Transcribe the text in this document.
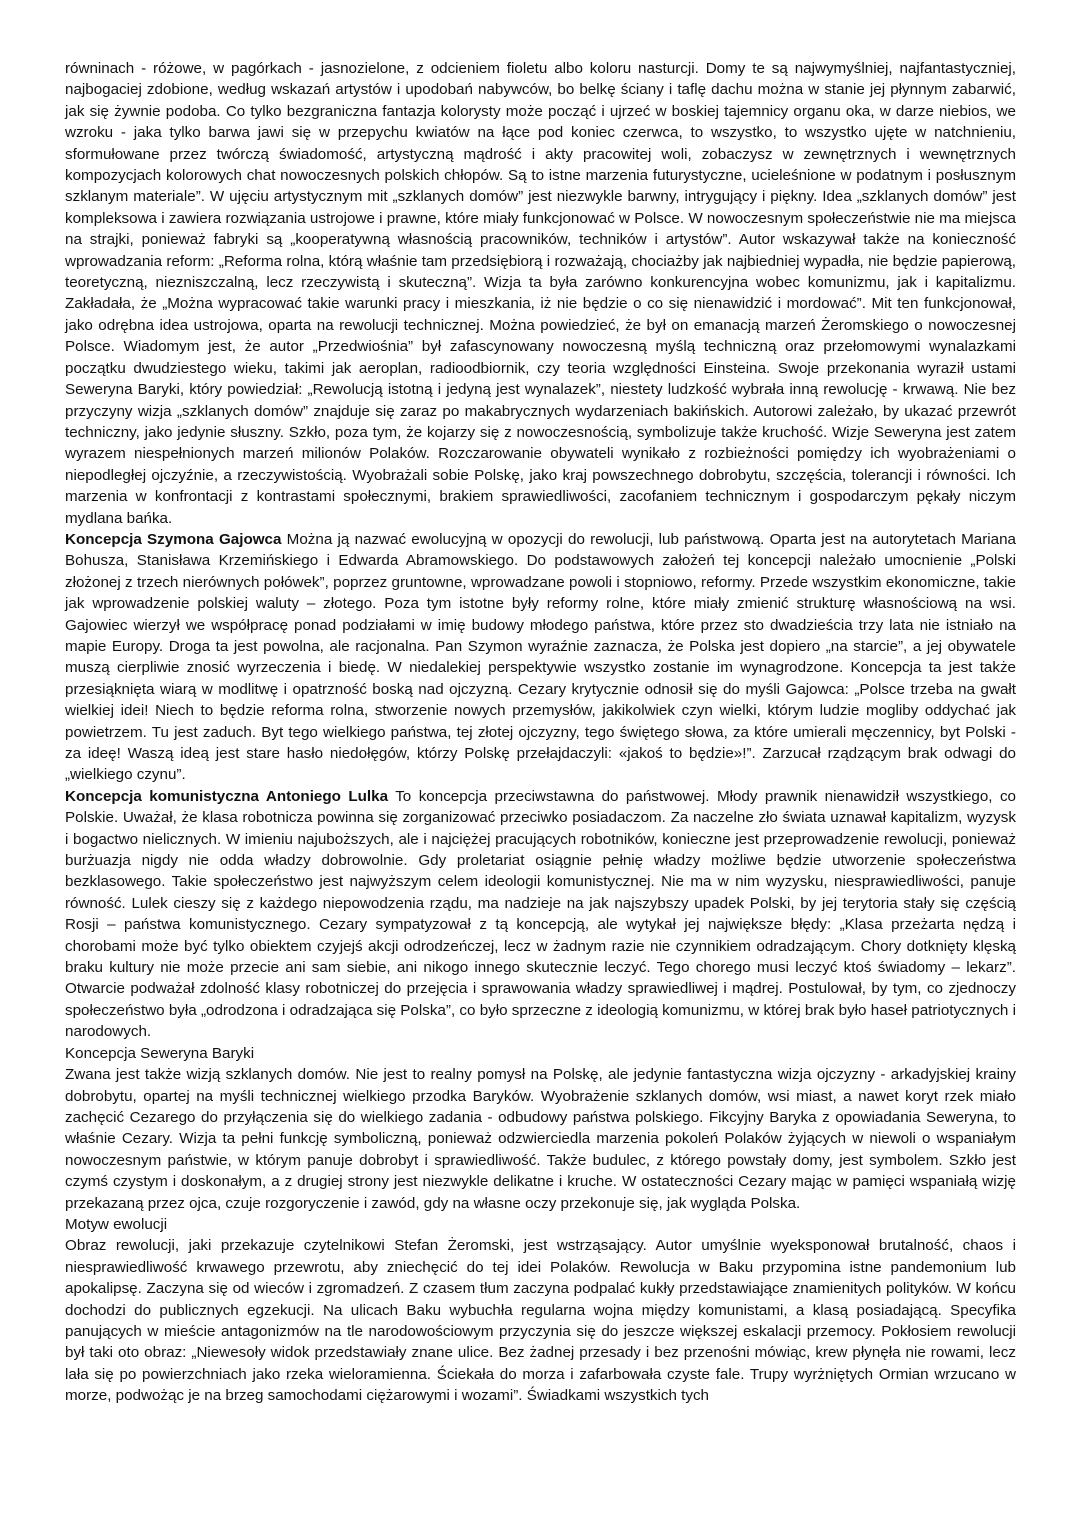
równinach - różowe, w pagórkach - jasnozielone, z odcieniem fioletu albo koloru nasturcji. Domy te są najwymyślniej, najfantastyczniej, najbogaciej zdobione, według wskazań artystów i upodobań nabywców, bo belkę ściany i taflę dachu można w stanie jej płynnym zabarwić, jak się żywnie podoba. Co tylko bezgraniczna fantazja kolorysty może począć i ujrzeć w boskiej tajemnicy organu oka, w darze niebios, we wzroku - jaka tylko barwa jawi się w przepychu kwiatów na łące pod koniec czerwca, to wszystko, to wszystko ujęte w natchnieniu, sformułowane przez twórczą świadomość, artystyczną mądrość i akty pracowitej woli, zobaczysz w zewnętrznych i wewnętrznych kompozycjach kolorowych chat nowoczesnych polskich chłopów. Są to istne marzenia futurystyczne, ucieleśnione w podatnym i posłusznym szklanym materiale”. W ujęciu artystycznym mit „szklanych domów” jest niezwykle barwny, intrygujący i piękny. Idea „szklanych domów” jest kompleksowa i zawiera rozwiązania ustrojowe i prawne, które miały funkcjonować w Polsce. W nowoczesnym społeczeństwie nie ma miejsca na strajki, ponieważ fabryki są „kooperatywną własnością pracowników, techników i artystów”. Autor wskazywał także na konieczność wprowadzania reform: „Reforma rolna, którą właśnie tam przedsiębiorą i rozważają, chociażby jak najbiedniej wypadła, nie będzie papierową, teoretyczną, niezniszczalną, lecz rzeczywistą i skuteczną”. Wizja ta była zarówno konkurencyjna wobec komunizmu, jak i kapitalizmu. Zakładała, że „Można wypracować takie warunki pracy i mieszkania, iż nie będzie o co się nienawidzić i mordować”. Mit ten funkcjonował, jako odrębna idea ustrojowa, oparta na rewolucji technicznej. Można powiedzieć, że był on emanacją marzeń Żeromskiego o nowoczesnej Polsce. Wiadomym jest, że autor „Przedwiośnia” był zafascynowany nowoczesną myślą techniczną oraz przełomowymi wynalazkami początku dwudziestego wieku, takimi jak aeroplan, radioodbiornik, czy teoria względności Einsteina. Swoje przekonania wyraził ustami Seweryna Baryki, który powiedział: „Rewolucją istotną i jedyną jest wynalazek”, niestety ludzkość wybrała inną rewolucję - krwawą. Nie bez przyczyny wizja „szklanych domów” znajduje się zaraz po makabrycznych wydarzeniach bakińskich. Autorowi zależało, by ukazać przewrót techniczny, jako jedynie słuszny. Szkło, poza tym, że kojarzy się z nowoczesnością, symbolizuje także kruchość. Wizje Seweryna jest zatem wyrazem niespełnionych marzeń milionów Polaków. Rozczarowanie obywateli wynikało z rozbieżności pomiędzy ich wyobrażeniami o niepodległej ojczyźnie, a rzeczywistością. Wyobrażali sobie Polskę, jako kraj powszechnego dobrobytu, szczęścia, tolerancji i równości. Ich marzenia w konfrontacji z kontrastami społecznymi, brakiem sprawiedliwości, zacofaniem technicznym i gospodarczym pękały niczym mydlana bańka.

Koncepcja Szymona Gajowca Można ją nazwać ewolucyjną w opozycji do rewolucji, lub państwową. Oparta jest na autorytetach Mariana Bohusza, Stanisława Krzemińskiego i Edwarda Abramowskiego. Do podstawowych założeń tej koncepcji należało umocnienie „Polski złożonej z trzech nierównych połówek”, poprzez gruntowne, wprowadzane powoli i stopniowo, reformy. Przede wszystkim ekonomiczne, takie jak wprowadzenie polskiej waluty – złotego. Poza tym istotne były reformy rolne, które miały zmienić strukturę własnościową na wsi. Gajowiec wierzył we współpracę ponad podziałami w imię budowy młodego państwa, które przez sto dwadzieścia trzy lata nie istniało na mapie Europy. Droga ta jest powolna, ale racjonalna. Pan Szymon wyraźnie zaznacza, że Polska jest dopiero „na starcie”, a jej obywatele muszą cierpliwie znosić wyrzeczenia i biedę. W niedalekiej perspektywie wszystko zostanie im wynagrodzone. Koncepcja ta jest także przesiąknięta wiarą w modlitwę i opatrzność boską nad ojczyzną. Cezary krytycznie odnosił się do myśli Gajowca: „Polsce trzeba na gwałt wielkiej idei! Niech to będzie reforma rolna, stworzenie nowych przemysłów, jakikolwiek czyn wielki, którym ludzie mogliby oddychać jak powietrzem. Tu jest zaduch. Byt tego wielkiego państwa, tej złotej ojczyzny, tego świętego słowa, za które umierali męczennicy, byt Polski - za ideę! Waszą ideą jest stare hasło niedołęgów, którzy Polskę przełajdaczyli: «jakoś to będzie»!”. Zarzucał rządzącym brak odwagi do „wielkiego czynu”.

Koncepcja komunistyczna Antoniego Lulka To koncepcja przeciwstawna do państwowej. Młody prawnik nienawidził wszystkiego, co Polskie. Uważał, że klasa robotnicza powinna się zorganizować przeciwko posiadaczom. Za naczelne zło świata uznawał kapitalizm, wyzysk i bogactwo nielicznych. W imieniu najuboższych, ale i najciężej pracujących robotników, konieczne jest przeprowadzenie rewolucji, ponieważ burżuazja nigdy nie odda władzy dobrowolnie. Gdy proletariat osiągnie pełnię władzy możliwe będzie utworzenie społeczeństwa bezklasowego. Takie społeczeństwo jest najwyższym celem ideologii komunistycznej. Nie ma w nim wyzysku, niesprawiedliwości, panuje równość. Lulek cieszy się z każdego niepowodzenia rządu, ma nadzieje na jak najszybszy upadek Polski, by jej terytoria stały się częścią Rosji – państwa komunistycznego. Cezary sympatyzował z tą koncepcją, ale wytykał jej największe błędy: „Klasa przeżarta nędzą i chorobami może być tylko obiektem czyjejś akcji odrodzeńczej, lecz w żadnym razie nie czynnikiem odradzającym. Chory dotknięty klęską braku kultury nie może przecie ani sam siebie, ani nikogo innego skutecznie leczyć. Tego chorego musi leczyć ktoś świadomy – lekarz”. Otwarcie podważał zdolność klasy robotniczej do przejęcia i sprawowania władzy sprawiedliwej i mądrej. Postulował, by tym, co zjednoczy społeczeństwo była „odrodzona i odradzająca się Polska”, co było sprzeczne z ideologią komunizmu, w której brak było haseł patriotycznych i narodowych.

Koncepcja Seweryna Baryki

Zwana jest także wizją szklanych domów. Nie jest to realny pomysł na Polskę, ale jedynie fantastyczna wizja ojczyzny - arkadyjskiej krainy dobrobytu, opartej na myśli technicznej wielkiego przodka Baryków. Wyobrażenie szklanych domów, wsi miast, a nawet koryt rzek miało zachęcić Cezarego do przyłączenia się do wielkiego zadania - odbudowy państwa polskiego. Fikcyjny Baryka z opowiadania Seweryna, to właśnie Cezary. Wizja ta pełni funkcję symboliczną, ponieważ odzwierciedla marzenia pokoleń Polaków żyjących w niewoli o wspaniałym nowoczesnym państwie, w którym panuje dobrobyt i sprawiedliwość. Także budulec, z którego powstały domy, jest symbolem. Szkło jest czymś czystym i doskonałym, a z drugiej strony jest niezwykle delikatne i kruche. W ostateczności Cezary mając w pamięci wspaniałą wizję przekazaną przez ojca, czuje rozgoryczenie i zawód, gdy na własne oczy przekonuje się, jak wygląda Polska.

Motyw ewolucji

Obraz rewolucji, jaki przekazuje czytelnikowi Stefan Żeromski, jest wstrząsający. Autor umyślnie wyeksponował brutalność, chaos i niesprawiedliwość krwawego przewrotu, aby zniechęcić do tej idei Polaków. Rewolucja w Baku przypomina istne pandemonium lub apokalipsę. Zaczyna się od wieców i zgromadzeń. Z czasem tłum zaczyna podpalać kukły przedstawiające znamienitych polityków. W końcu dochodzi do publicznych egzekucji. Na ulicach Baku wybuchła regularna wojna między komunistami, a klasą posiadającą. Specyfika panujących w mieście antagonizmów na tle narodowościowym przyczynia się do jeszcze większej eskalacji przemocy. Pokłosiem rewolucji był taki oto obraz: „Niewesoły widok przedstawiały znane ulice. Bez żadnej przesady i bez przenośni mówiąc, krew płynęła nie rowami, lecz lała się po powierzchniach jako rzeka wieloramienna. Ściekała do morza i zafarbowała czyste fale. Trupy wyrżniętych Ormian wrzucano w morze, podwożąc je na brzeg samochodami ciężarowymi i wozami”. Świadkami wszystkich tych
